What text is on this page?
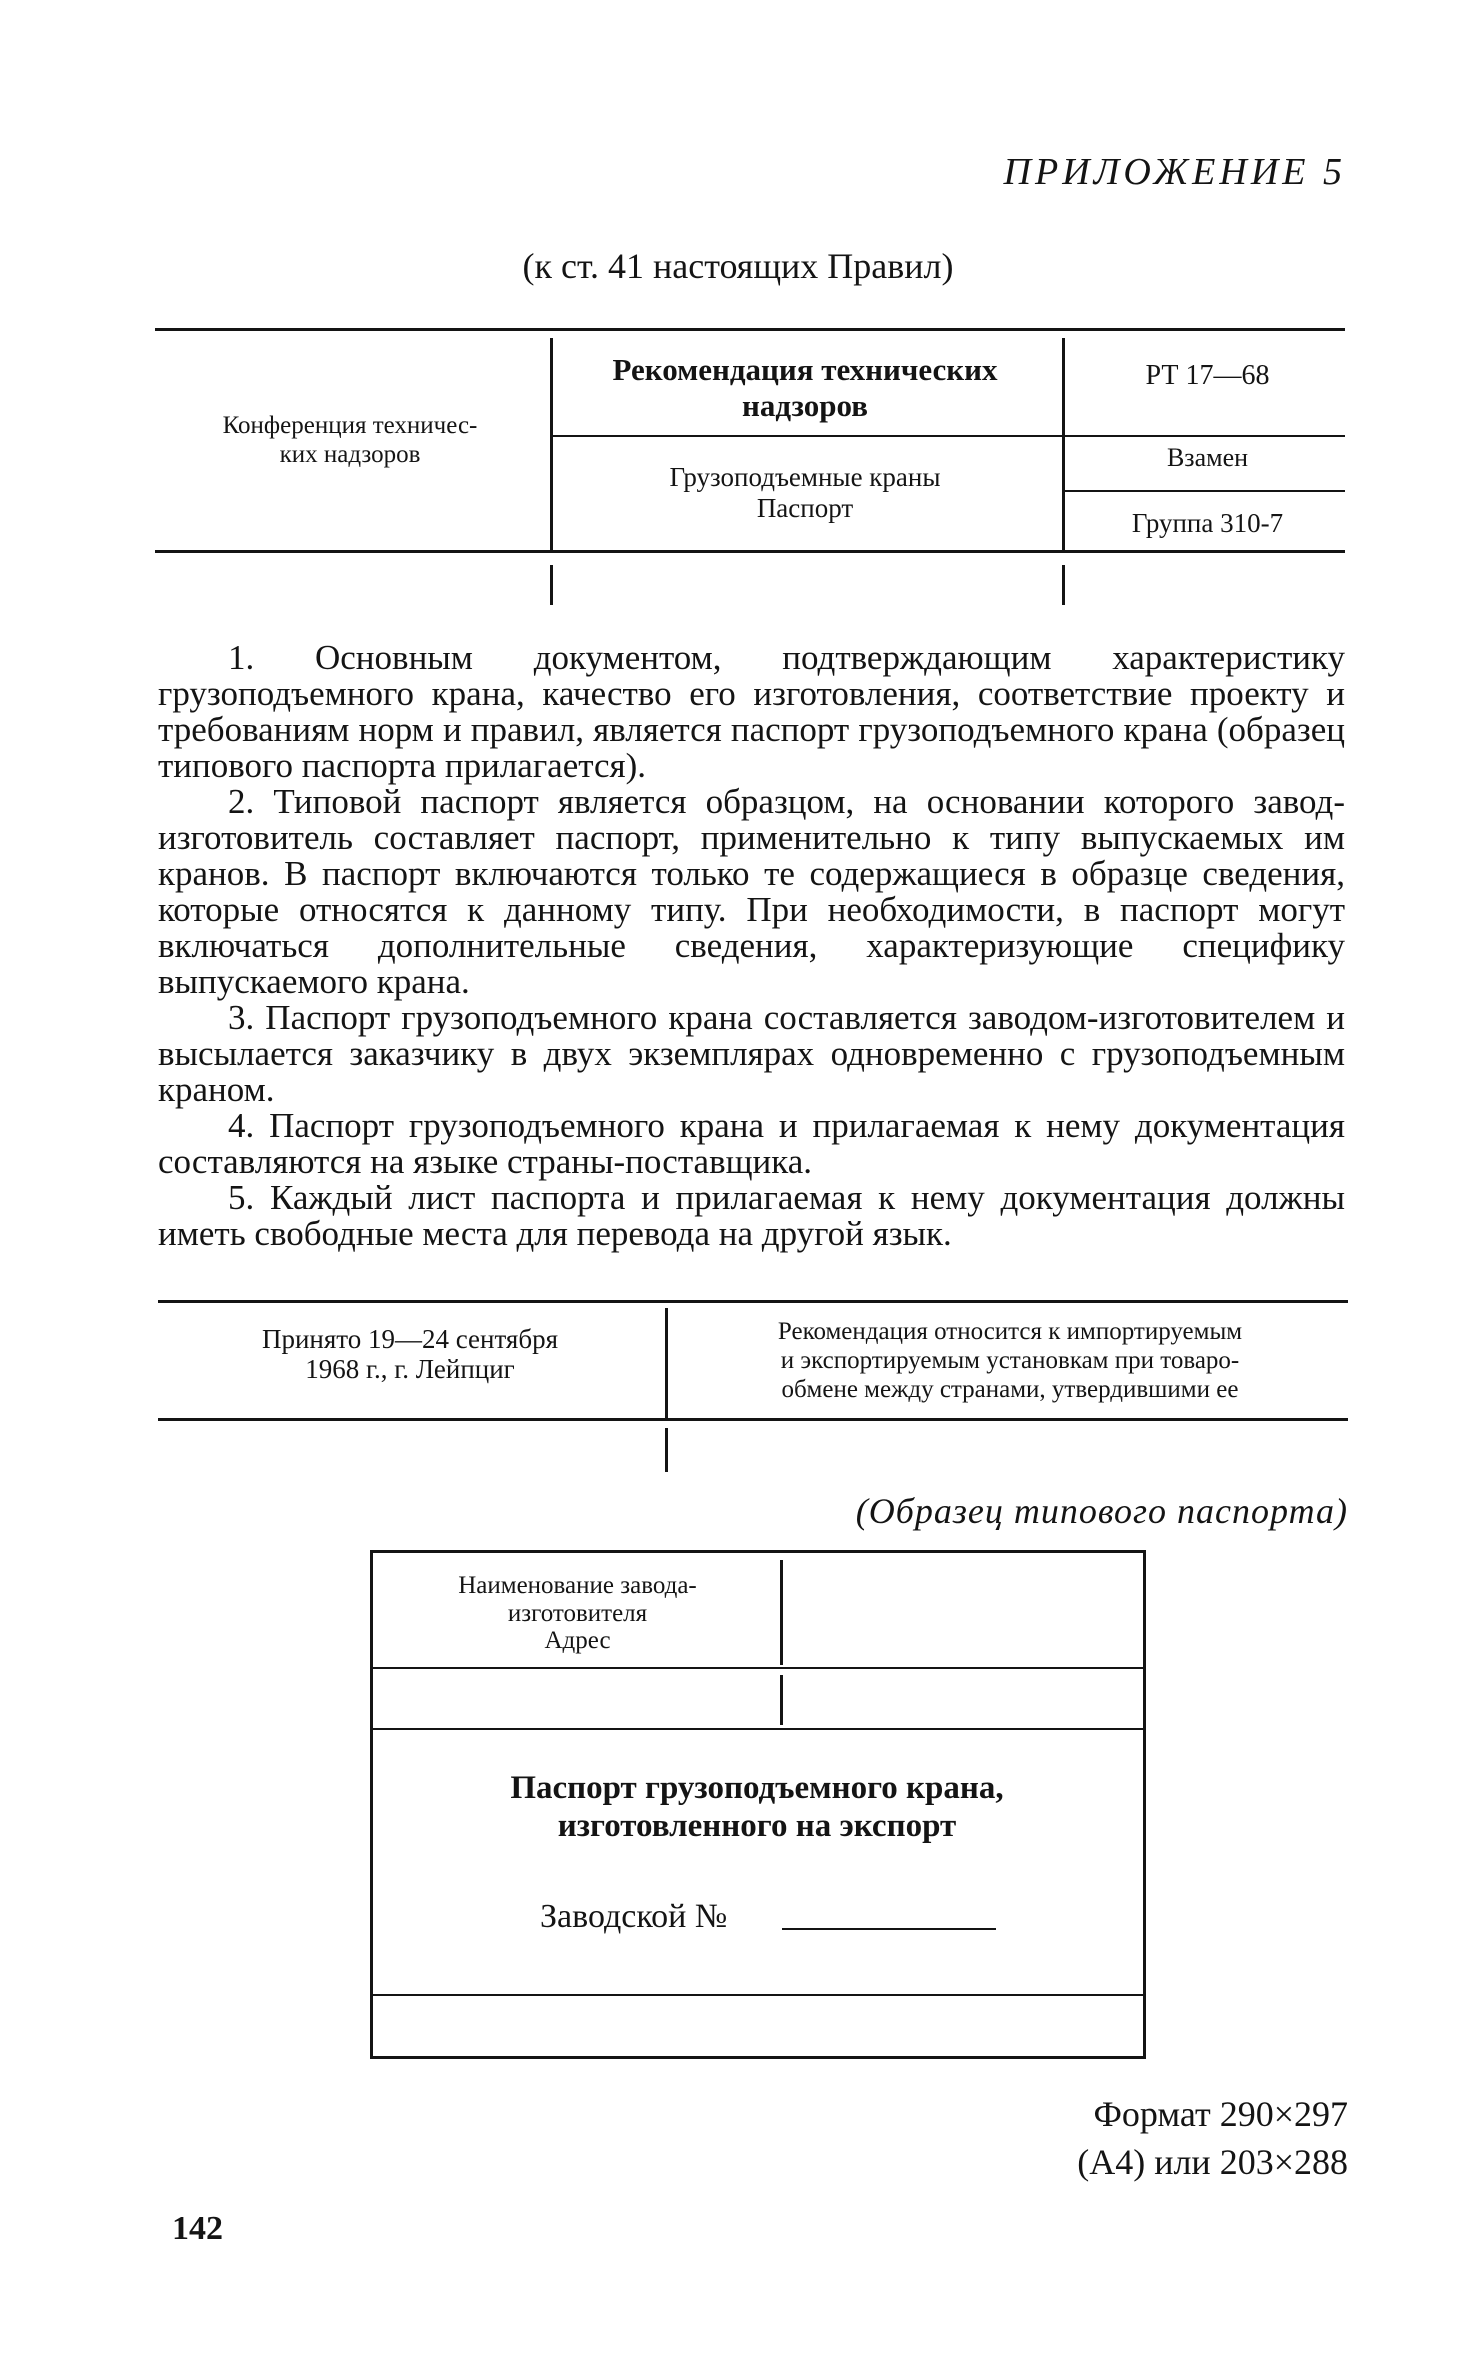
ПРИЛОЖЕНИЕ 5
(к ст. 41 настоящих Правил)
Конференция техничес-
ких надзоров
Рекомендация технических
надзоров
Грузоподъемные краны
Паспорт
РТ 17—68
Взамен
Группа 310-7

1. Основным документом, подтверждающим характеристику грузоподъемного крана, качество его изготовления, соответствие проекту и требованиям норм и правил, является паспорт грузоподъемного крана (образец типового паспорта прилагается).

2. Типовой паспорт является образцом, на основании которого завод-изготовитель составляет паспорт, применительно к типу выпускаемых им кранов. В паспорт включаются только те содержащиеся в образце сведения, которые относятся к данному типу. При необходимости, в паспорт могут включаться дополнительные сведения, характеризующие специфику выпускаемого крана.

3. Паспорт грузоподъемного крана составляется заводом-изготовителем и высылается заказчику в двух экземплярах одновременно с грузоподъемным краном.

4. Паспорт грузоподъемного крана и прилагаемая к нему документация составляются на языке страны-поставщика.

5. Каждый лист паспорта и прилагаемая к нему документация должны иметь свободные места для перевода на другой язык.

Принято 19—24 сентября
1968 г., г. Лейпциг
Рекомендация относится к импортируемым
и экспортируемым установкам при товаро-
обмене между странами, утвердившими ее
(Образец типового паспорта)
Наименование завода-
изготовителя
Адрес
Паспорт грузоподъемного крана,
изготовленного на экспорт
Заводской №
Формат 290×297
(А4) или 203×288
142
